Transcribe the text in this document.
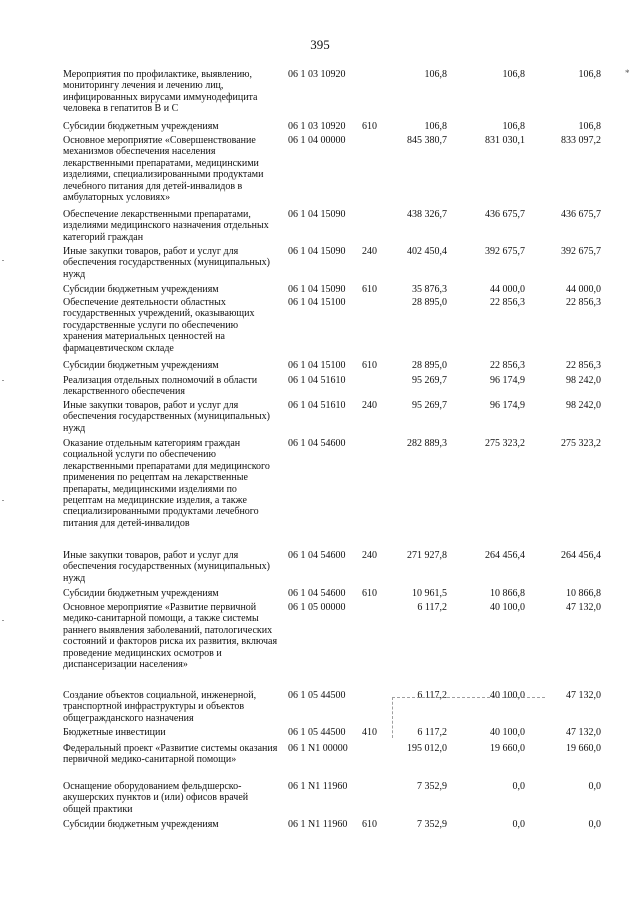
395
*
Мероприятия по профилактике, выявлению, мониторингу лечения и лечению лиц, инфицированных вирусами иммунодефицита человека в гепатитов В и С
06 1 03 10920	106,8	106,8	106,8
Субсидии бюджетным учреждениям	06 1 03 10920 610	106,8	106,8	106,8
Основное мероприятие «Совершенствование механизмов обеспечения населения лекарственными препаратами, медицинскими изделиями, специализированными продуктами лечебного питания для детей-инвалидов в амбулаторных условиях»
06 1 04 00000	845 380,7	831 030,1	833 097,2
Обеспечение лекарственными препаратами, изделиями медицинского назначения отдельных категорий граждан
06 1 04 15090	438 326,7	436 675,7	436 675,7
Иные закупки товаров, работ и услуг для обеспечения государственных (муниципальных) нужд
06 1 04 15090 240	402 450,4	392 675,7	392 675,7
Субсидии бюджетным учреждениям	06 1 04 15090 610	35 876,3	44 000,0	44 000,0
Обеспечение деятельности областных государственных учреждений, оказывающих государственные услуги по обеспечению хранения материальных ценностей на фармацевтическом складе
06 1 04 15100	28 895,0	22 856,3	22 856,3
Субсидии бюджетным учреждениям	06 1 04 15100 610	28 895,0	22 856,3	22 856,3
Реализация отдельных полномочий в области лекарственного обеспечения
06 1 04 51610	95 269,7	96 174,9	98 242,0
Иные закупки товаров, работ и услуг для обеспечения государственных (муниципальных) нужд
06 1 04 51610 240	95 269,7	96 174,9	98 242,0
Оказание отдельным категориям граждан социальной услуги по обеспечению лекарственными препаратами для медицинского применения по рецептам на лекарственные препараты, медицинскими изделиями по рецептам на медицинские изделия, а также специализированными продуктами лечебного питания для детей-инвалидов
06 1 04 54600	282 889,3	275 323,2	275 323,2
Иные закупки товаров, работ и услуг для обеспечения государственных (муниципальных) нужд
06 1 04 54600 240	271 927,8	264 456,4	264 456,4
Субсидии бюджетным учреждениям	06 1 04 54600 610	10 961,5	10 866,8	10 866,8
Основное мероприятие «Развитие первичной медико-санитарной помощи, а также системы раннего выявления заболеваний, патологических состояний и факторов риска их развития, включая проведение медицинских осмотров и диспансеризации населения»
06 1 05 00000	6 117,2	40 100,0	47 132,0
Создание объектов социальной, инженерной, транспортной инфраструктуры и объектов общегражданского назначения
06 1 05 44500	6 117,2	40 100,0	47 132,0
Бюджетные инвестиции	06 1 05 44500 410	6 117,2	40 100,0	47 132,0
Федеральный проект «Развитие системы оказания первичной медико-санитарной помощи»
06 1 N1 00000	195 012,0	19 660,0	19 660,0
Оснащение оборудованием фельдшерско-акушерских пунктов и (или) офисов врачей общей практики
06 1 N1 11960	7 352,9	0,0	0,0
Субсидии бюджетным учреждениям	06 1 N1 11960 610	7 352,9	0,0	0,0
